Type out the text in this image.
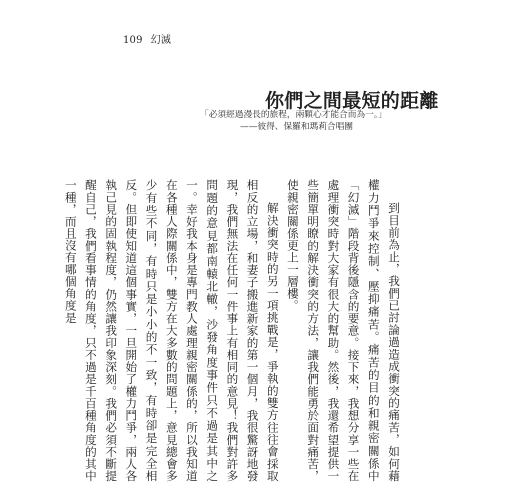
109 幻滅
你們之間最短的距離
「必須經過漫長的旅程，兩顆心才能合而為一。」
——彼得、保羅和瑪莉合唱團

到目前為止，我們已討論過造成衝突的痛苦，如何藉權力鬥爭來控制、壓抑痛苦。痛苦的目的和親密關係中「幻滅」階段背後隱含的要意。接下來，我想分享一些在處理衝突時對大家有很大的幫助。然後，我還希望提供一些簡單明瞭的解決衝突的方法，讓我們能勇於面對痛苦，使親密關係更上一層樓。

解決衝突時的另一項挑戰是，爭執的雙方往往會採取相反的立場，和妻子搬進新家的第一個月，我很驚訝地發現，我們無法在任何一件事上有相同的意見！我們對許多問題的意見都南轅北轍，沙發角度事件只不過是其中之一。幸好我本身是專門教人處理親密關係的，所以我知道在各種人際關係中，雙方在大多數的問題上，意見總會多少有些不同，有時只是小小的不一致，有時卻是完全相反。但即使知道這個事實，一旦開始了權力鬥爭，兩人各執己見的固執程度，仍然讓我印象深刻。我們必須不斷提醒自己，我們看事情的角度，只不過是千百種角度的其中一種，而且沒有哪個角度是
